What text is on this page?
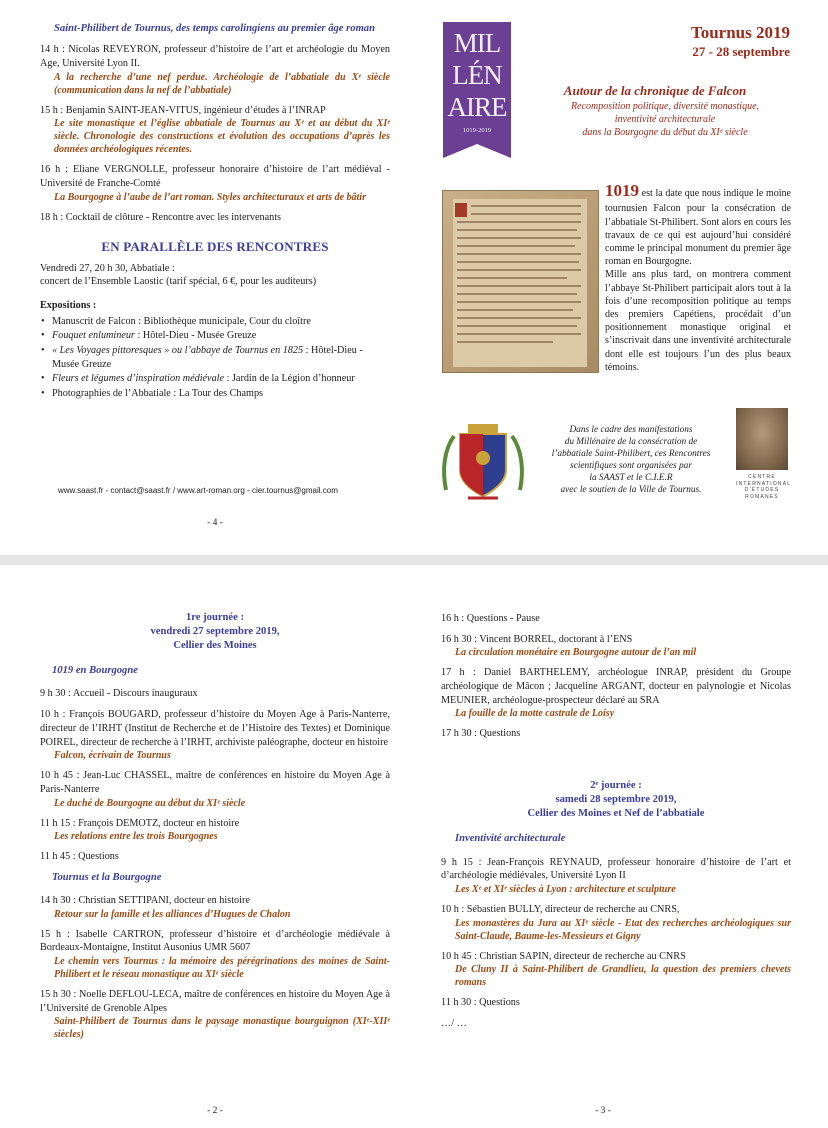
Saint-Philibert de Tournus, des temps carolingiens au premier âge roman
14 h : Nicolas REVEYRON, professeur d’histoire de l’art et archéologie du Moyen Age, Université Lyon II.
A la recherche d’une nef perdue. Archéologie de l’abbatiale du Xᵉ siècle (communication dans la nef de l’abbatiale)
15 h : Benjamin SAINT-JEAN-VITUS, ingénieur d’études à l’INRAP
Le site monastique et l’église abbatiale de Tournus au Xᵉ et au début du XIᵉ siècle. Chronologie des constructions et évolution des occupations d’après les données archéologiques récentes.
16 h : Eliane VERGNOLLE, professeur honoraire d’histoire de l’art médiéval - Université de Franche-Comté
La Bourgogne à l’aube de l’art roman. Styles architecturaux et arts de bâtir
18 h : Cocktail de clôture - Rencontre avec les intervenants
EN PARALLÈLE DES RENCONTRES
Vendredi 27, 20 h 30, Abbatiale :
concert de l’Ensemble Laostic (tarif spécial, 6 €, pour les auditeurs)
Expositions :
• Manuscrit de Falcon : Bibliothèque municipale, Cour du cloître
• Fouquet enlumineur : Hôtel-Dieu - Musée Greuze
• « Les Voyages pittoresques » ou l’abbaye de Tournus en 1825 : Hôtel-Dieu - Musée Greuze
• Fleurs et légumes d’inspiration médiévale : Jardin de la Légion d’honneur
• Photographies de l’Abbatiale : La Tour des Champs
www.saast.fr - contact@saast.fr / www.art-roman.org - cier.tournus@gmail.com
- 4 -
MIL
LÉN
AIRE
1019-2019
Tournus 2019
27 - 28 septembre
Autour de la chronique de Falcon
Recomposition politique, diversité monastique,
inventivité architecturale
dans la Bourgogne du début du XIᵉ siècle
1019 est la date que nous indique le moine tournusien Falcon pour la consécration de l’abbatiale St-Philibert. Sont alors en cours les travaux de ce qui est aujourd’hui considéré comme le principal monument du premier âge roman en Bourgogne.
Mille ans plus tard, on montrera comment l’abbaye St-Philibert participait alors tout à la fois d’une recomposition politique au temps des premiers Capétiens, procédait d’un positionnement monastique original et s’inscrivait dans une inventivité architecturale dont elle est toujours l’un des plus beaux témoins.
Dans le cadre des manifestations
du Millénaire de la consécration de
l’abbatiale Saint-Philibert, ces Rencontres
scientifiques sont organisées par
la SAAST et le C.I.E.R
avec le soutien de la Ville de Tournus.
CENTRE INTERNATIONAL D’ÉTUDES ROMANES
1re journée :
vendredi 27 septembre 2019,
Cellier des Moines
1019 en Bourgogne
9 h 30 : Accueil - Discours inauguraux
10 h : François BOUGARD, professeur d’histoire du Moyen Age à Paris-Nanterre, directeur de l’IRHT (Institut de Recherche et de l’Histoire des Textes) et Dominique POIREL, directeur de recherche à l’IRHT, archiviste paléographe, docteur en histoire
Falcon, écrivain de Tournus
10 h 45 : Jean-Luc CHASSEL, maître de conférences en histoire du Moyen Age à Paris-Nanterre
Le duché de Bourgogne au début du XIᵉ siècle
11 h 15 : François DEMOTZ, docteur en histoire
Les relations entre les trois Bourgognes
11 h 45 : Questions
Tournus et la Bourgogne
14 h 30 : Christian SETTIPANI, docteur en histoire
Retour sur la famille et les alliances d’Hugues de Chalon
15 h : Isabelle CARTRON, professeur d’histoire et d’archéologie médiévale à Bordeaux-Montaigne, Institut Ausonius UMR 5607
Le chemin vers Tournus : la mémoire des pérégrinations des moines de Saint-Philibert et le réseau monastique au XIᵉ siècle
15 h 30 : Noelle DEFLOU-LECA, maître de conférences en histoire du Moyen Age à l’Université de Grenoble Alpes
Saint-Philibert de Tournus dans le paysage monastique bourguignon (XIᵉ-XIIᵉ siècles)
- 2 -
16 h : Questions - Pause
16 h 30 : Vincent BORREL, doctorant à l’ENS
La circulation monétaire en Bourgogne autour de l’an mil
17 h : Daniel BARTHELEMY, archéologue INRAP, président du Groupe archéologique de Mâcon ; Jacqueline ARGANT, docteur en palynologie et Nicolas MEUNIER, archéologue-prospecteur déclaré au SRA
La fouille de la motte castrale de Loisy
17 h 30 : Questions
2ᵉ journée :
samedi 28 septembre 2019,
Cellier des Moines et Nef de l’abbatiale
Inventivité architecturale
9 h 15 : Jean-François REYNAUD, professeur honoraire d’histoire de l’art et d’archéologie médiévales, Université Lyon II
Les Xᵉ et XIᵉ siècles à Lyon : architecture et sculpture
10 h : Sébastien BULLY, directeur de recherche au CNRS,
Les monastères du Jura au XIᵉ siècle - Etat des recherches archéologiques sur Saint-Claude, Baume-les-Messieurs et Gigny
10 h 45 : Christian SAPIN, directeur de recherche au CNRS
De Cluny II à Saint-Philibert de Grandlieu, la question des premiers chevets romans
11 h 30 : Questions
…/ …
- 3 -
